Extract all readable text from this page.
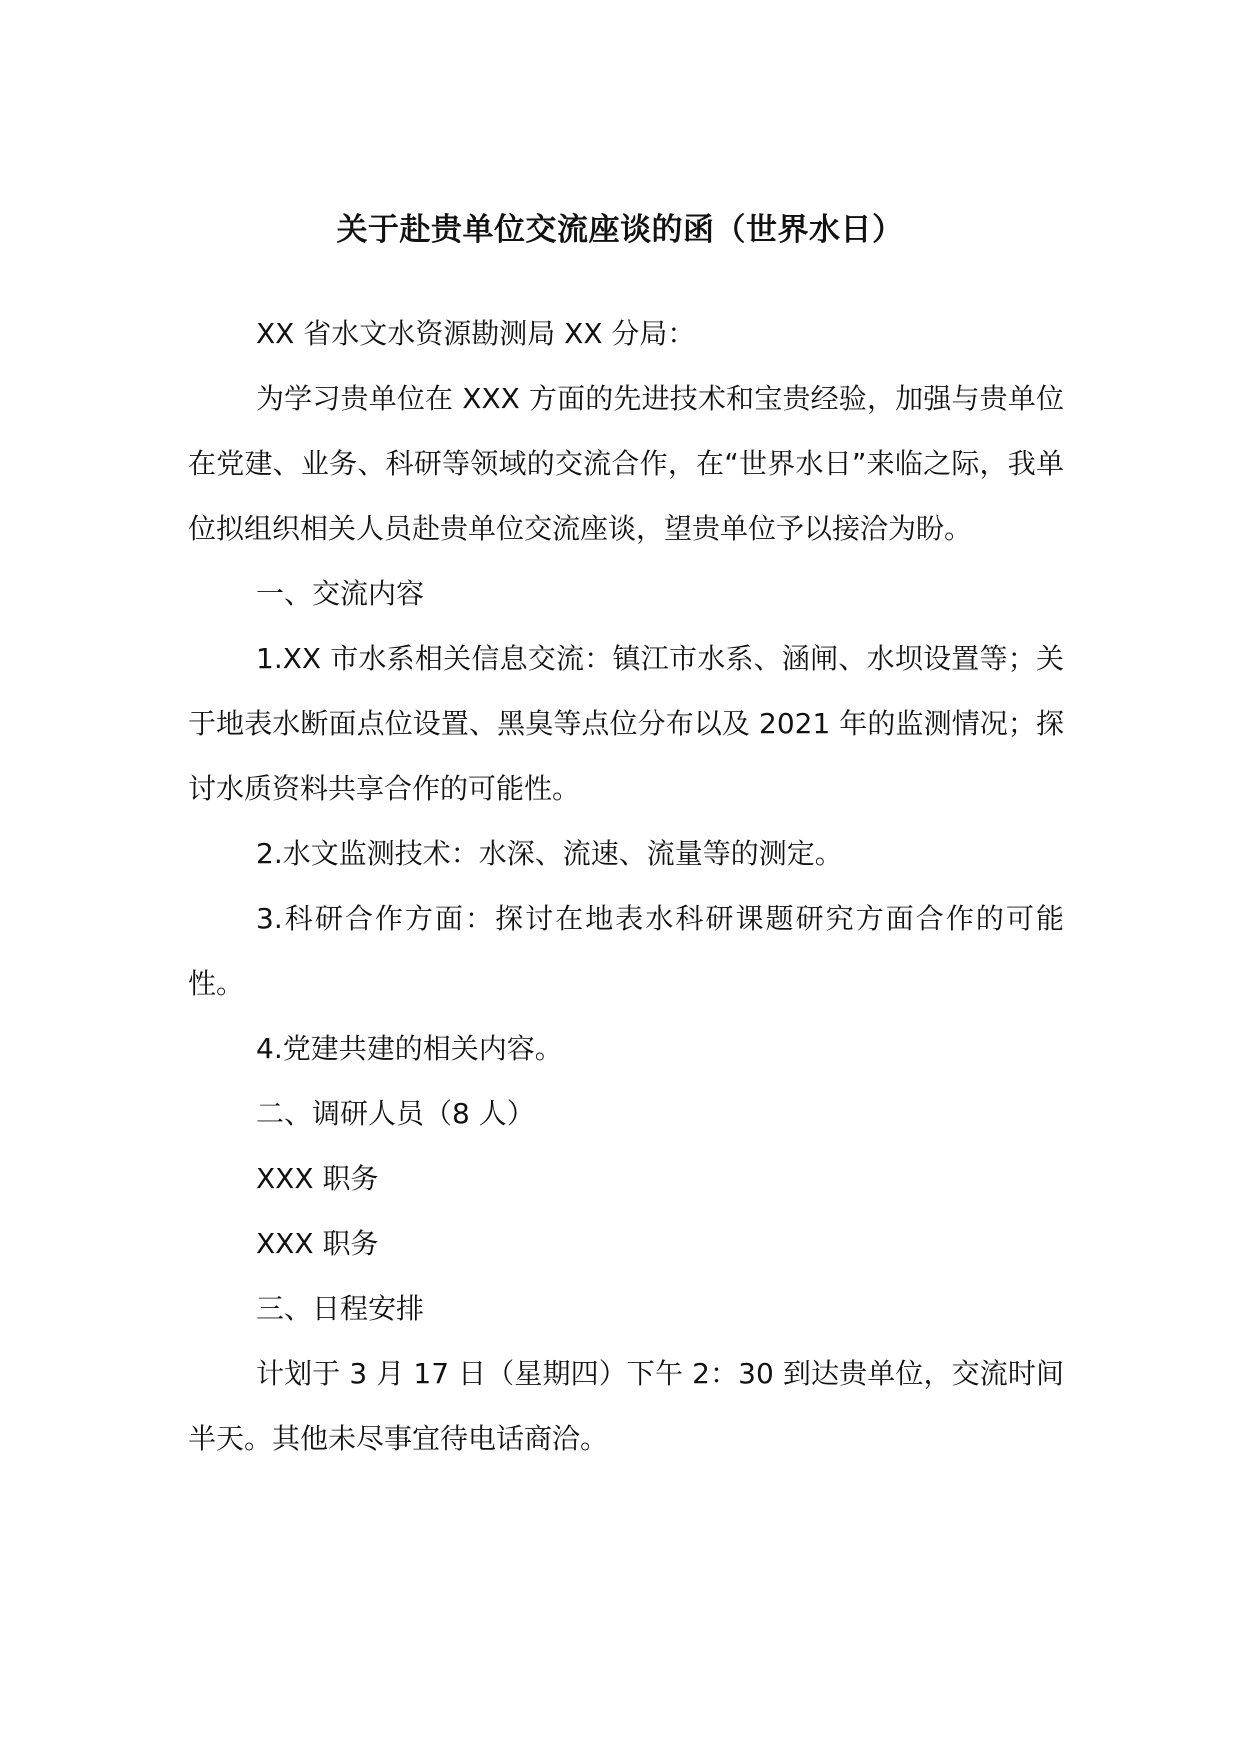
关于赴贵单位交流座谈的函（世界水日）

XX 省水文水资源勘测局 XX 分局：

为学习贵单位在 XXX 方面的先进技术和宝贵经验，加强与贵单位在党建、业务、科研等领域的交流合作，在“世界水日”来临之际，我单位拟组织相关人员赴贵单位交流座谈，望贵单位予以接洽为盼。

一、交流内容

1.XX 市水系相关信息交流：镇江市水系、涵闸、水坝设置等；关于地表水断面点位设置、黑臭等点位分布以及 2021 年的监测情况；探讨水质资料共享合作的可能性。

2.水文监测技术：水深、流速、流量等的测定。

3.科研合作方面：探讨在地表水科研课题研究方面合作的可能性。

4.党建共建的相关内容。

二、调研人员（8 人）

XXX 职务

XXX 职务

三、日程安排

计划于 3 月 17 日（星期四）下午 2：30 到达贵单位，交流时间半天。其他未尽事宜待电话商洽。
